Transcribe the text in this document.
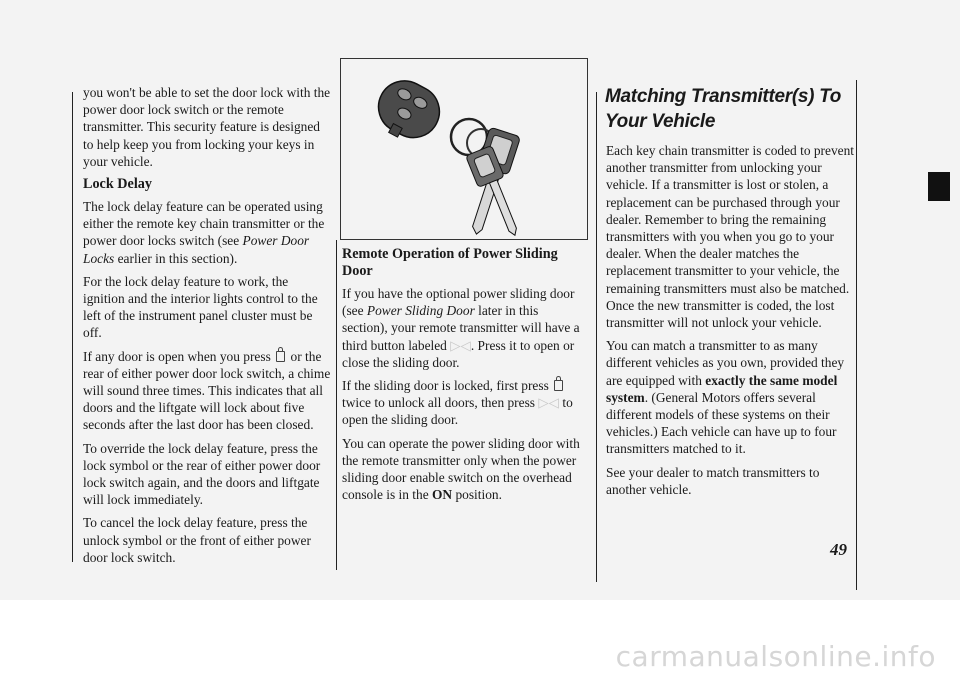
you won't be able to set the door lock with the power door lock switch or the remote transmitter. This security feature is designed to help keep you from locking your keys in your vehicle.

Lock Delay

The lock delay feature can be operated using either the remote key chain transmitter or the power door locks switch (see Power Door Locks earlier in this section).

For the lock delay feature to work, the ignition and the interior lights control to the left of the instrument panel cluster must be off.

If any door is open when you press or the rear of either power door lock switch, a chime will sound three times. This indicates that all doors and the liftgate will lock about five seconds after the last door has been closed.

To override the lock delay feature, press the lock symbol or the rear of either power door lock switch again, and the doors and liftgate will lock immediately.

To cancel the lock delay feature, press the unlock symbol or the front of either power door lock switch.

Remote Operation of Power Sliding Door

If you have the optional power sliding door (see Power Sliding Door later in this section), your remote transmitter will have a third button labeled ▷◁. Press it to open or close the sliding door.

If the sliding door is locked, first press  twice to unlock all doors, then press ▷◁ to open the sliding door.

You can operate the power sliding door with the remote transmitter only when the power sliding door enable switch on the overhead console is in the ON position.

Matching Transmitter(s) To Your Vehicle

Each key chain transmitter is coded to prevent another transmitter from unlocking your vehicle. If a transmitter is lost or stolen, a replacement can be purchased through your dealer. Remember to bring the remaining transmitters with you when you go to your dealer. When the dealer matches the replacement transmitter to your vehicle, the remaining transmitters must also be matched. Once the new transmitter is coded, the lost transmitter will not unlock your vehicle.

You can match a transmitter to as many different vehicles as you own, provided they are equipped with exactly the same model system. (General Motors offers several different models of these systems on their vehicles.) Each vehicle can have up to four transmitters matched to it.

See your dealer to match transmitters to another vehicle.

49
carmanualsonline.info
